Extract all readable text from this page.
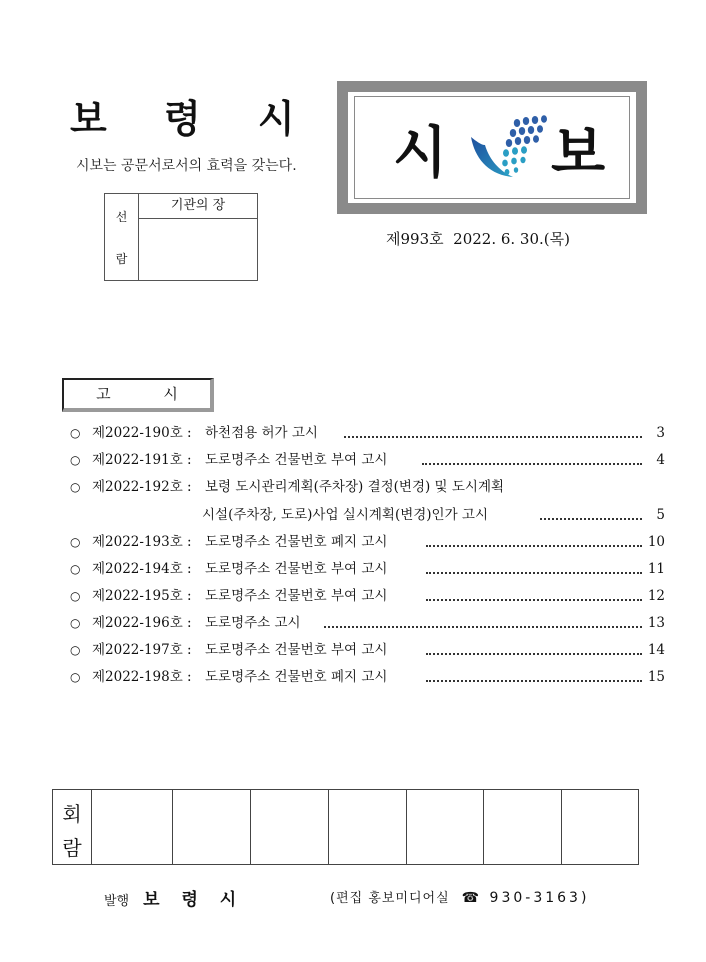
보 령 시
시보는 공문서로서의 효력을 갖는다.
선
람
기관의 장
시 보
제993호  2022. 6. 30.(목)
고 시
○ 제2022-190호 : 하천점용 허가 고시	3
○ 제2022-191호 : 도로명주소 건물번호 부여 고시	4
○ 제2022-192호 : 보령 도시관리계획(주차장) 결정(변경) 및 도시계획
시설(주차장, 도로)사업 실시계획(변경)인가 고시	5
○ 제2022-193호 : 도로명주소 건물번호 폐지 고시	10
○ 제2022-194호 : 도로명주소 건물번호 부여 고시	11
○ 제2022-195호 : 도로명주소 건물번호 부여 고시	12
○ 제2022-196호 : 도로명주소 고시	13
○ 제2022-197호 : 도로명주소 건물번호 부여 고시	14
○ 제2022-198호 : 도로명주소 건물번호 폐지 고시	15
회
람
발행 보 령 시	(편집 홍보미디어실 ☎ 930-3163)
